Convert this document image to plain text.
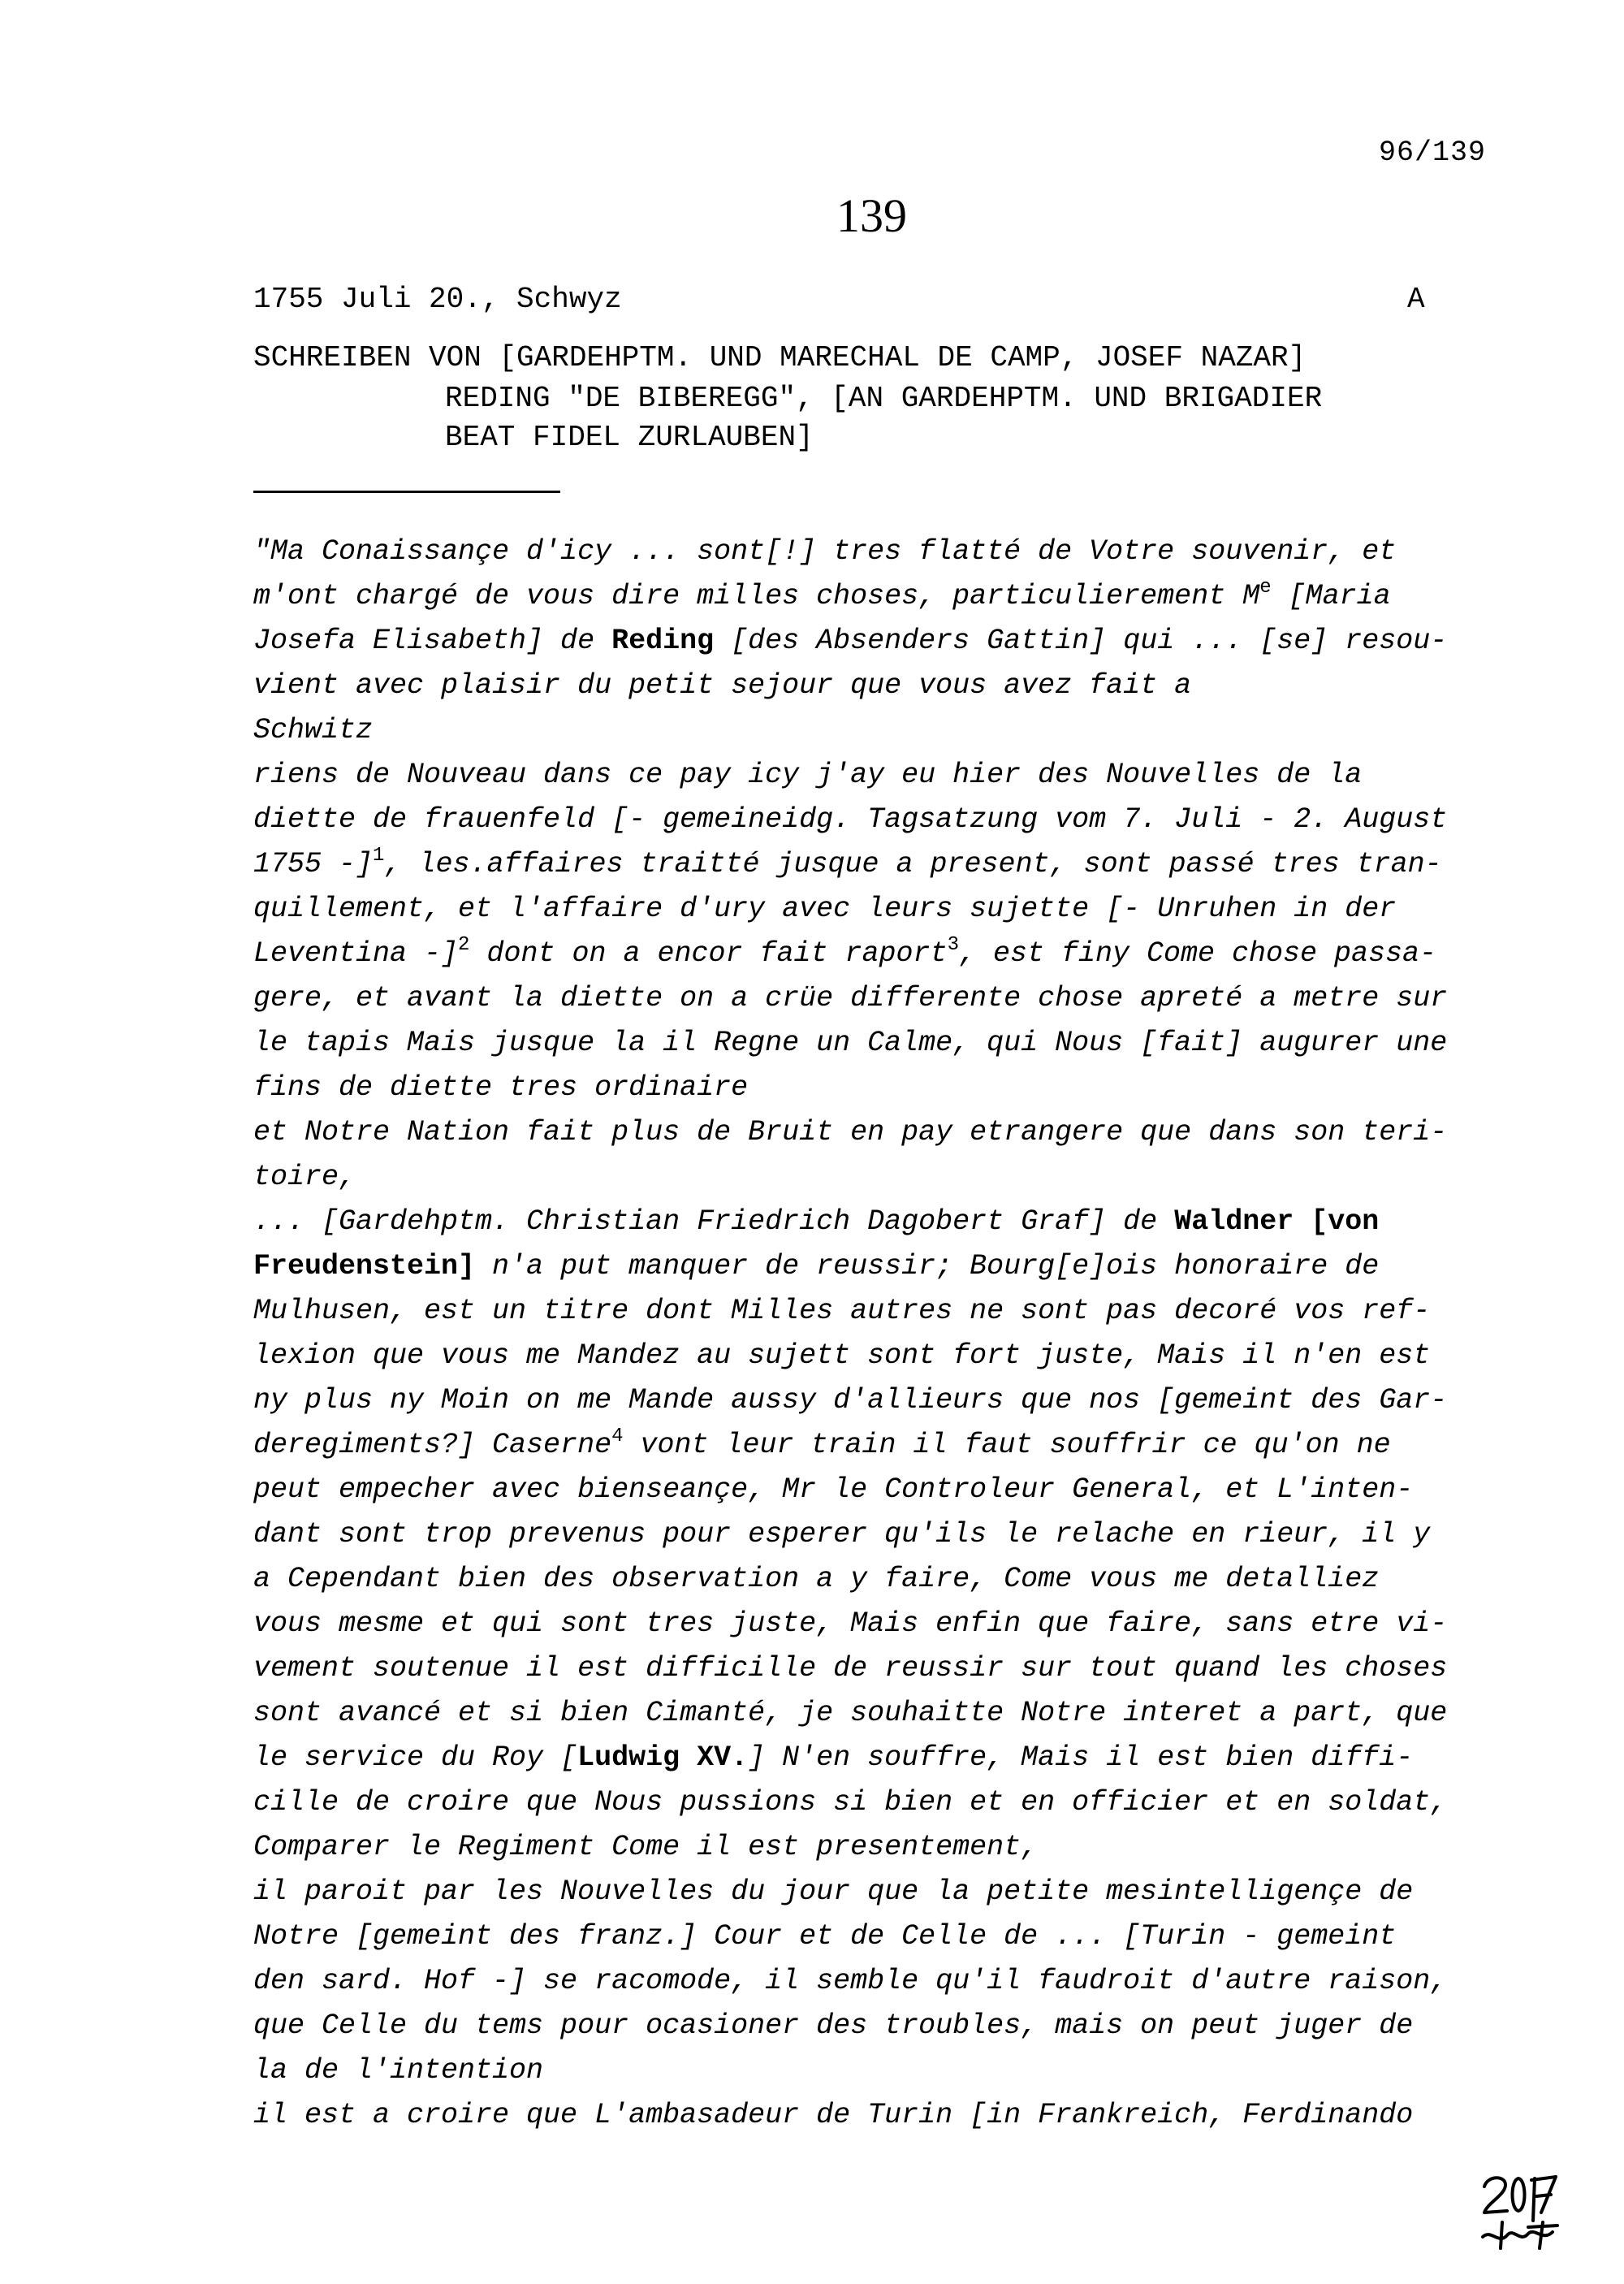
96/139
139
1755 Juli 20., Schwyz	A
SCHREIBEN VON [GARDEHPTM. UND MARECHAL DE CAMP, JOSEF NAZAR]
REDING "DE BIBEREGG", [AN GARDEHPTM. UND BRIGADIER
BEAT FIDEL ZURLAUBEN]
"Ma Conaissançe d'icy ... sont[!] tres flatté de Votre souvenir, et
m'ont chargé de vous dire milles choses, particulierement Me [Maria
Josefa Elisabeth] de Reding [des Absenders Gattin] qui ... [se] resou-
vient avec plaisir du petit sejour que vous avez fait a
Schwitz
riens de Nouveau dans ce pay icy j'ay eu hier des Nouvelles de la
diette de frauenfeld [- gemeineidg. Tagsatzung vom 7. Juli - 2. August
1755 -]$^1$, les.affaires traitté jusque a present, sont passé tres tran-
quillement, et l'affaire d'ury avec leurs sujette [- Unruhen in der
Leventina -]$^2$ dont on a encor fait raport$^3$, est finy Come chose passa-
gere, et avant la diette on a crüe differente chose apreté a metre sur
le tapis Mais jusque la il Regne un Calme, qui Nous [fait] augurer une
fins de diette tres ordinaire
et Notre Nation fait plus de Bruit en pay etrangere que dans son teri-
toire,
... [Gardehptm. Christian Friedrich Dagobert Graf] de Waldner [von
Freudenstein] n'a put manquer de reussir; Bourg[e]ois honoraire de
Mulhusen, est un titre dont Milles autres ne sont pas decoré vos ref-
lexion que vous me Mandez au sujett sont fort juste, Mais il n'en est
ny plus ny Moin on me Mande aussy d'allieurs que nos [gemeint des Gar-
deregiments?] Caserne$^4$ vont leur train il faut souffrir ce qu'on ne
peut empecher avec bienseançe, Mr le Controleur General, et L'inten-
dant sont trop prevenus pour esperer qu'ils le relache en rieur, il y
a Cependant bien des observation a y faire, Come vous me detalliez
vous mesme et qui sont tres juste, Mais enfin que faire, sans etre vi-
vement soutenue il est difficille de reussir sur tout quand les choses
sont avancé et si bien Cimanté, je souhaitte Notre interet a part, que
le service du Roy [Ludwig XV.] N'en souffre, Mais il est bien diffi-
cille de croire que Nous pussions si bien et en officier et en soldat,
Comparer le Regiment Come il est presentement,
il paroit par les Nouvelles du jour que la petite mesintelligençe de
Notre [gemeint des franz.] Cour et de Celle de ... [Turin - gemeint
den sard. Hof -] se racomode, il semble qu'il faudroit d'autre raison,
que Celle du tems pour ocasioner des troubles, mais on peut juger de
la de l'intention
il est a croire que L'ambasadeur de Turin [in Frankreich, Ferdinando
